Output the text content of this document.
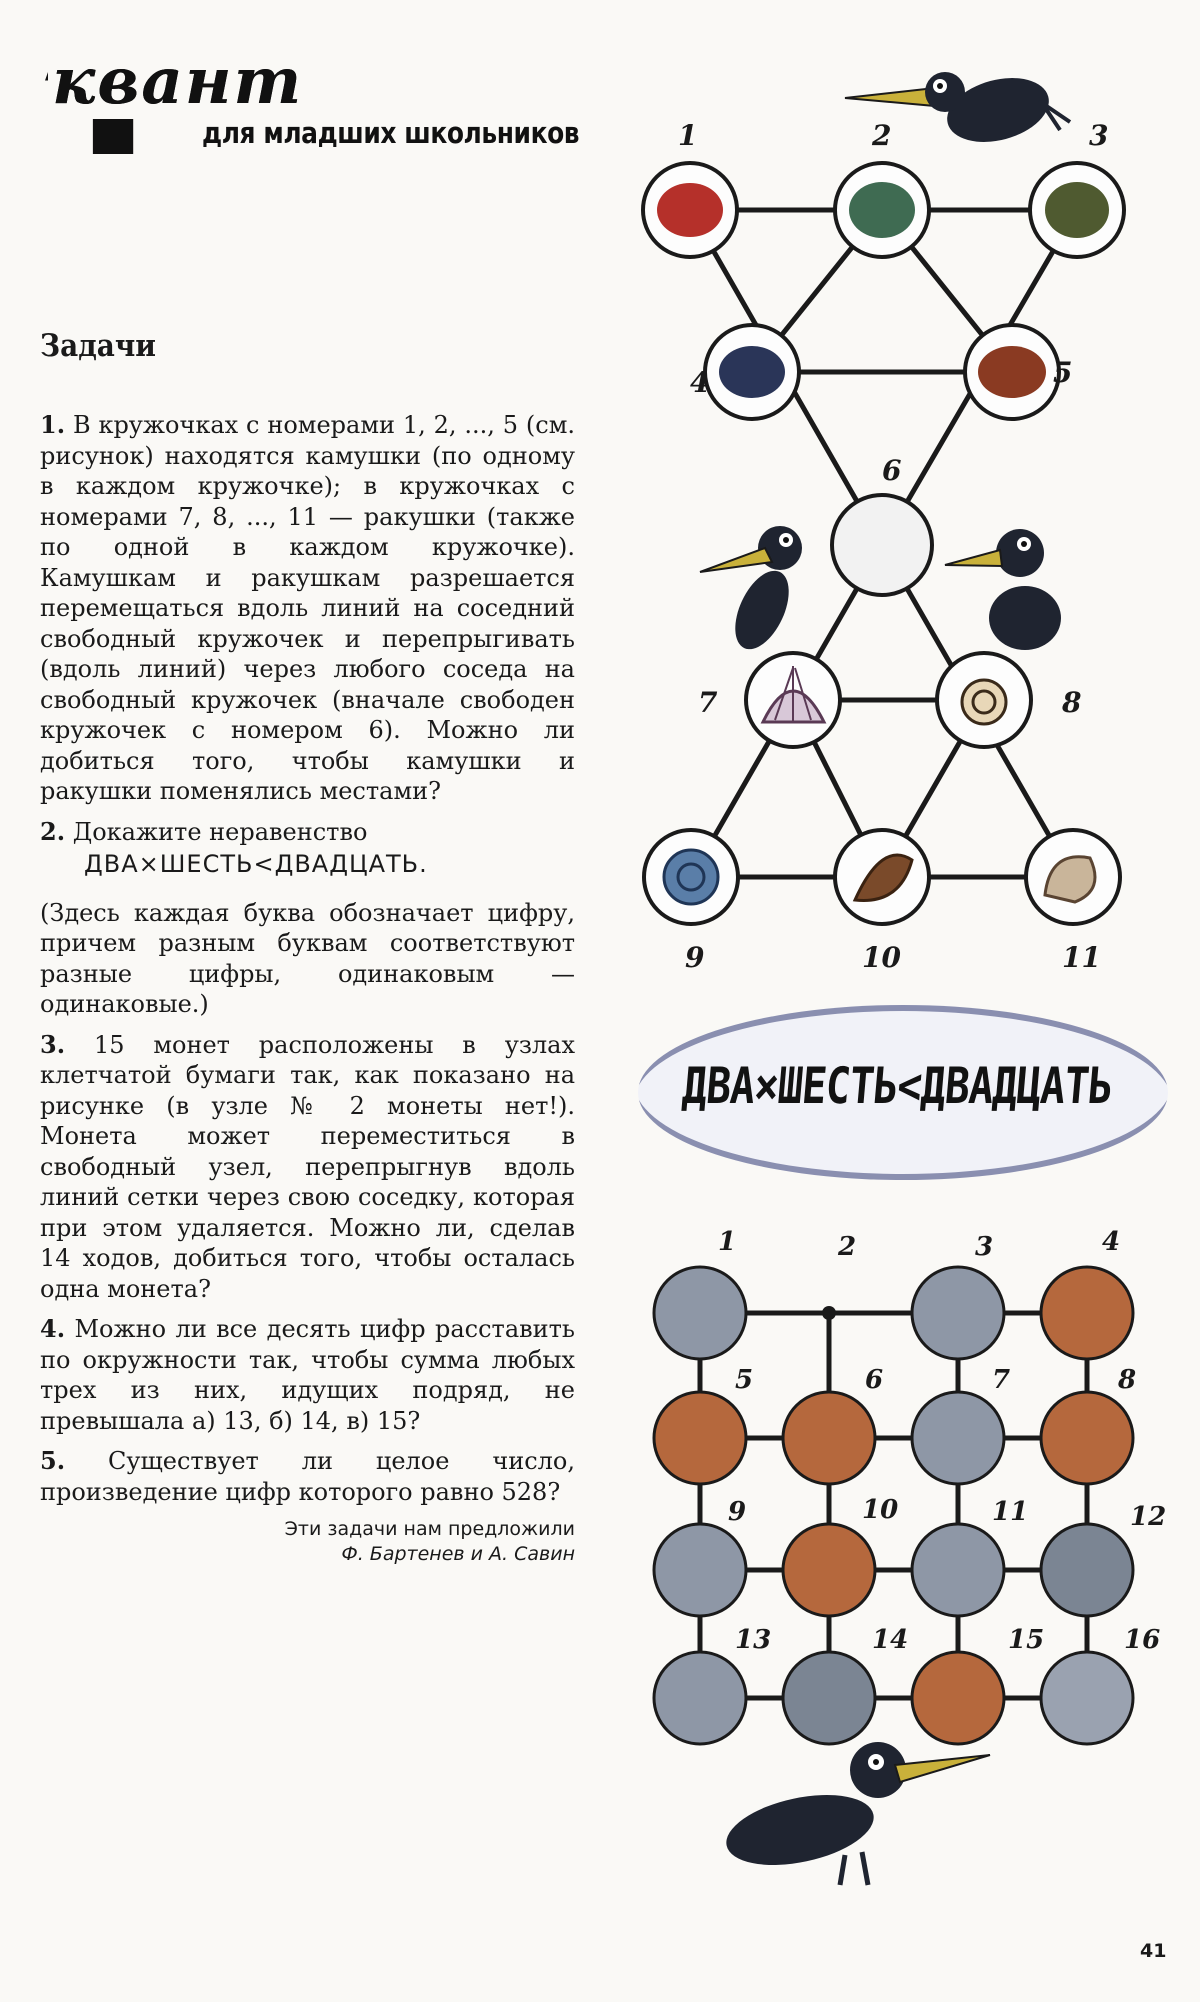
квант
для младших школьников
Задачи

1. В кружочках с номерами 1, 2, ..., 5 (см. рисунок) находятся камушки (по одному в каждом кружочке); в кружочках с номерами 7, 8, ..., 11 — ракушки (также по одной в каждом кружочке). Камушкам и ракушкам разрешается перемещаться вдоль линий на соседний свободный кружочек и перепрыгивать (вдоль линий) через любого соседа на свободный кружочек (вначале свободен кружочек с номером 6). Можно ли добиться того, чтобы камушки и ракушки поменялись местами?

2. Докажите неравенство

ДВА×ШЕСТЬ<ДВАДЦАТЬ.

(Здесь каждая буква обозначает цифру, причем разным буквам соответствуют разные цифры, одинаковым — одинаковые.)

3. 15 монет расположены в узлах клетчатой бумаги так, как показано на рисунке (в узле № 2 монеты нет!). Монета может переместиться в свободный узел, перепрыгнув вдоль линий сетки через свою соседку, которая при этом удаляется. Можно ли, сделав 14 ходов, добиться того, чтобы осталась одна монета?

4. Можно ли все десять цифр расставить по окружности так, чтобы сумма любых трех из них, идущих подряд, не превышала а) 13, б) 14, в) 15?

5. Существует ли целое число, произведение цифр которого равно 528?

Эти задачи нам предложили
Ф. Бартенев и А. Савин
1	2	3
4	5
6
7	8
9	10	11
ДВА×ШЕСТЬ<ДВАДЦАТЬ
1	2	3	4
5	6	7	8
9	10	11	12
13	14	15	16
41
